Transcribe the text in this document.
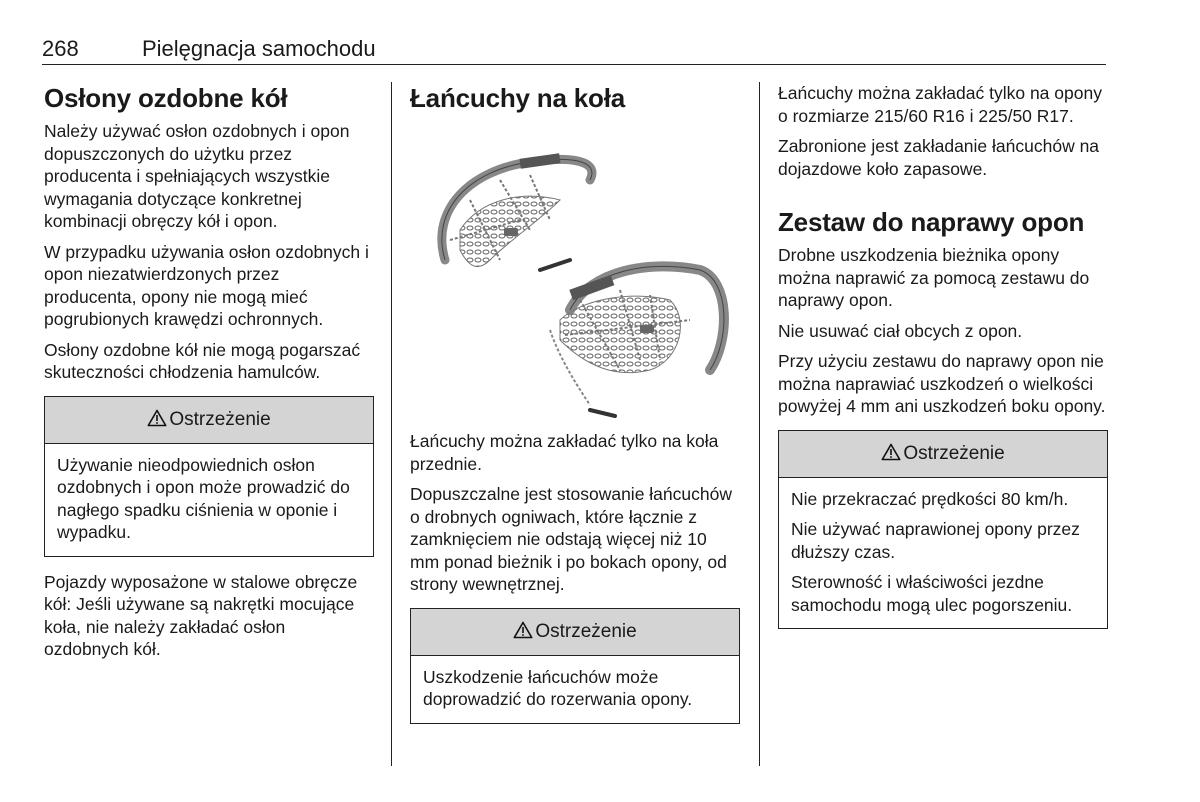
268	Pielęgnacja samochodu
Osłony ozdobne kół

Należy używać osłon ozdobnych i opon dopuszczonych do użytku przez producenta i spełniających wszystkie wymagania dotyczące konkretnej kombinacji obręczy kół i opon.

W przypadku używania osłon ozdobnych i opon niezatwierdzonych przez producenta, opony nie mogą mieć pogrubionych krawędzi ochronnych.

Osłony ozdobne kół nie mogą pogarszać skuteczności chłodzenia hamulców.

Ostrzeżenie

Używanie nieodpowiednich osłon ozdobnych i opon może prowadzić do nagłego spadku ciśnienia w oponie i wypadku.

Pojazdy wyposażone w stalowe obręcze kół: Jeśli używane są nakrętki mocujące koła, nie należy zakładać osłon ozdobnych kół.

Łańcuchy na koła

Łańcuchy można zakładać tylko na koła przednie.

Dopuszczalne jest stosowanie łańcuchów o drobnych ogniwach, które łącznie z zamknięciem nie odstają więcej niż 10 mm ponad bieżnik i po bokach opony, od strony wewnętrznej.

Ostrzeżenie

Uszkodzenie łańcuchów może doprowadzić do rozerwania opony.

Łańcuchy można zakładać tylko na opony o rozmiarze 215/60 R16 i 225/50 R17.

Zabronione jest zakładanie łańcuchów na dojazdowe koło zapasowe.

Zestaw do naprawy opon

Drobne uszkodzenia bieżnika opony można naprawić za pomocą zestawu do naprawy opon.

Nie usuwać ciał obcych z opon.

Przy użyciu zestawu do naprawy opon nie można naprawiać uszkodzeń o wielkości powyżej 4 mm ani uszkodzeń boku opony.

Ostrzeżenie

Nie przekraczać prędkości 80 km/h.

Nie używać naprawionej opony przez dłuższy czas.

Sterowność i właściwości jezdne samochodu mogą ulec pogorszeniu.
